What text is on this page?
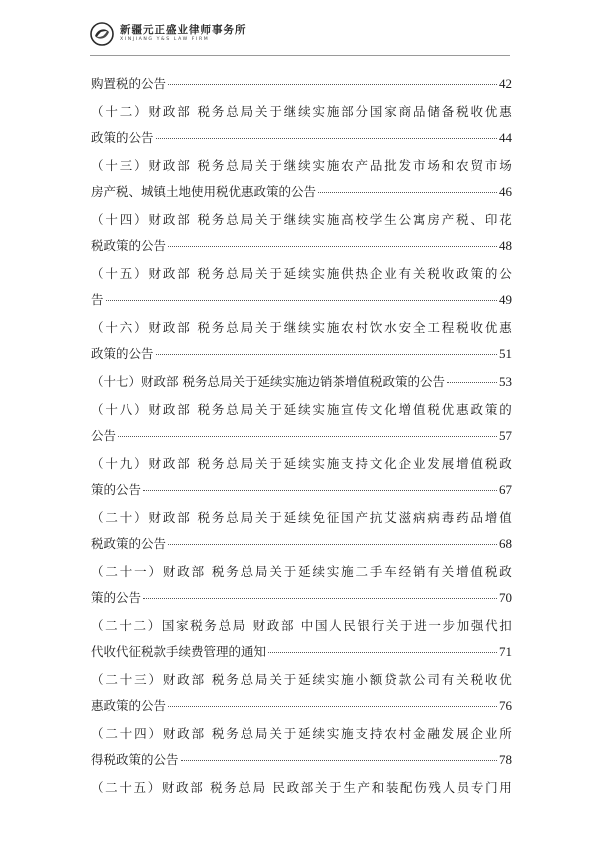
新疆元正盛业律师事务所
XINJIANG Y&S LAW FIRM
购置税的公告	42
（十二）财政部 税务总局关于继续实施部分国家商品储备税收优惠
政策的公告	44
（十三）财政部 税务总局关于继续实施农产品批发市场和农贸市场
房产税、城镇土地使用税优惠政策的公告	46
（十四）财政部 税务总局关于继续实施高校学生公寓房产税、印花
税政策的公告	48
（十五）财政部 税务总局关于延续实施供热企业有关税收政策的公
告	49
（十六）财政部 税务总局关于继续实施农村饮水安全工程税收优惠
政策的公告	51
（十七）财政部 税务总局关于延续实施边销茶增值税政策的公告	53
（十八）财政部 税务总局关于延续实施宣传文化增值税优惠政策的
公告	57
（十九）财政部 税务总局关于延续实施支持文化企业发展增值税政
策的公告	67
（二十）财政部 税务总局关于延续免征国产抗艾滋病病毒药品增值
税政策的公告	68
（二十一）财政部 税务总局关于延续实施二手车经销有关增值税政
策的公告	70
（二十二）国家税务总局 财政部 中国人民银行关于进一步加强代扣
代收代征税款手续费管理的通知	71
（二十三）财政部 税务总局关于延续实施小额贷款公司有关税收优
惠政策的公告	76
（二十四）财政部 税务总局关于延续实施支持农村金融发展企业所
得税政策的公告	78
（二十五）财政部 税务总局 民政部关于生产和装配伤残人员专门用
